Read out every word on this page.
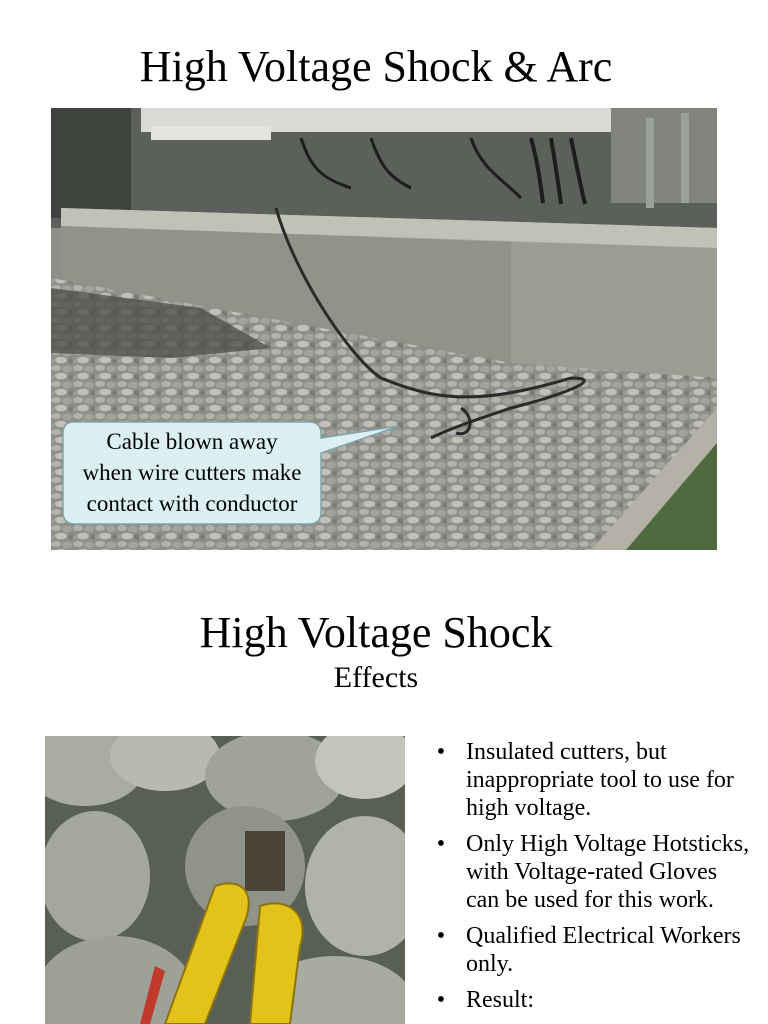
High Voltage Shock & Arc
Cable blown away
when wire cutters make
contact with conductor
High Voltage Shock
Effects
• Insulated cutters, but inappropriate tool to use for high voltage.
• Only High Voltage Hotsticks, with Voltage-rated Gloves can be used for this work.
• Qualified Electrical Workers only.
• Result:
